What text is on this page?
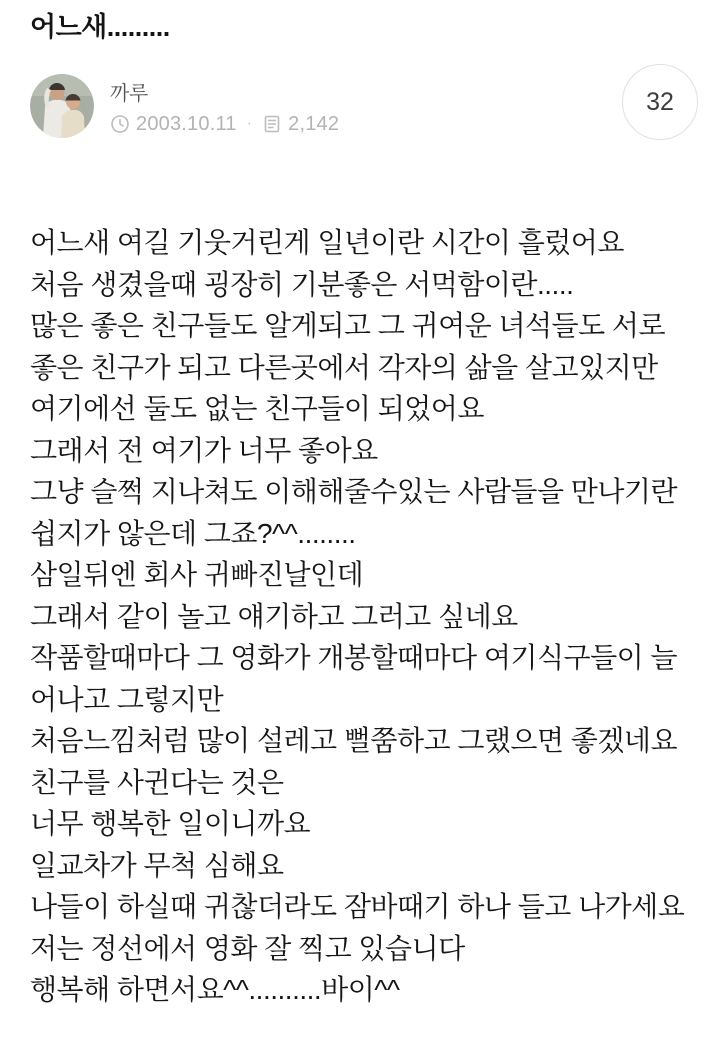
어느새.........
까루
2003.10.11 · 2,142
32
어느새 여길 기웃거린게 일년이란 시간이 흘렀어요
처음 생겼을때 굉장히 기분좋은 서먹함이란.....
많은 좋은 친구들도 알게되고 그 귀여운 녀석들도 서로 좋은 친구가 되고 다른곳에서 각자의 삶을 살고있지만 여기에선 둘도 없는 친구들이 되었어요
그래서 전 여기가 너무 좋아요
그냥 슬쩍 지나쳐도 이해해줄수있는 사람들을 만나기란 쉽지가 않은데 그죠?^^........
삼일뒤엔 회사 귀빠진날인데
그래서 같이 놀고 얘기하고 그러고 싶네요
작품할때마다 그 영화가 개봉할때마다 여기식구들이 늘어나고 그렇지만
처음느낌처럼 많이 설레고 뻘쭘하고 그랬으면 좋겠네요
친구를 사귄다는 것은
너무 행복한 일이니까요
일교차가 무척 심해요
나들이 하실때 귀찮더라도 잠바때기 하나 들고 나가세요
저는 정선에서 영화 잘 찍고 있습니다
행복해 하면서요^^..........바이^^
